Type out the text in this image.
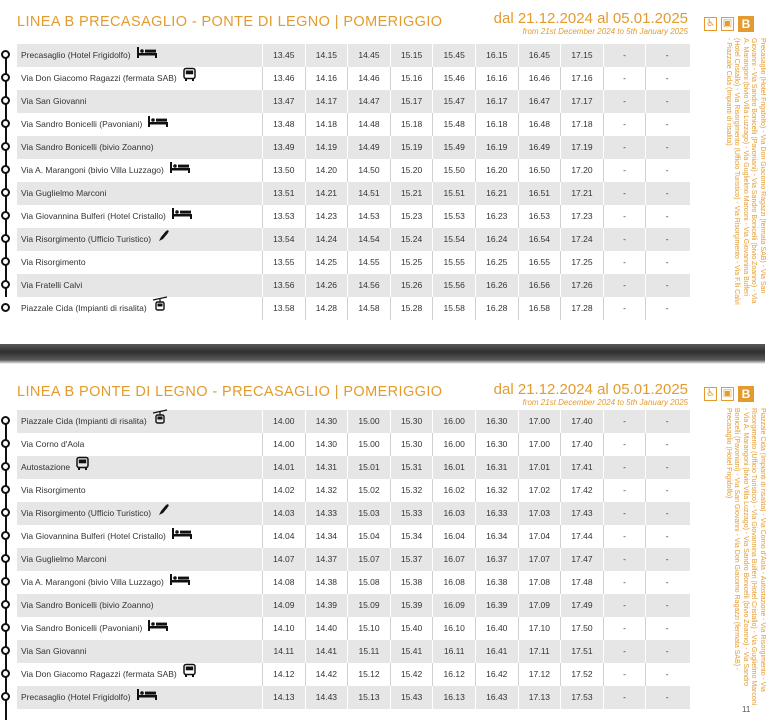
LINEA B PRECASAGLIO - PONTE DI LEGNO | POMERIGGIO	dal 21.12.2024 al 05.01.2025
from 21st December 2024 to 5th January 2025
Precasaglio (Hotel Frigidolfo)	13.45	14.15	14.45	15.15	15.45	16.15	16.45	17.15	-	-
Via Don Giacomo Ragazzi (fermata SAB)	13.46	14.16	14.46	15.16	15.46	16.16	16.46	17.16	-	-
Via San Giovanni	13.47	14.17	14.47	15.17	15.47	16.17	16.47	17.17	-	-
Via Sandro Bonicelli (Pavoniani)	13.48	14.18	14.48	15.18	15.48	16.18	16.48	17.18	-	-
Via Sandro Bonicelli (bivio Zoanno)	13.49	14.19	14.49	15.19	15.49	16.19	16.49	17.19	-	-
Via A. Marangoni (bivio Villa Luzzago)	13.50	14.20	14.50	15.20	15.50	16.20	16.50	17.20	-	-
Via Guglielmo Marconi	13.51	14.21	14.51	15.21	15.51	16.21	16.51	17.21	-	-
Via Giovannina Bulferi (Hotel Cristallo)	13.53	14.23	14.53	15.23	15.53	16.23	16.53	17.23	-	-
Via Risorgimento (Ufficio Turistico)	13.54	14.24	14.54	15.24	15.54	16.24	16.54	17.24	-	-
Via Risorgimento	13.55	14.25	14.55	15.25	15.55	16.25	16.55	17.25	-	-
Via Fratelli Calvi	13.56	14.26	14.56	15.26	15.56	16.26	16.56	17.26	-	-
Piazzale Cida (Impianti di risalita)	13.58	14.28	14.58	15.28	15.58	16.28	16.58	17.28	-	-
♿ ▣ B
Precasaglio (Hotel Frigidolfo) - Via Don Giacomo Ragazzi (fermata SAB) - Via San Giovanni - Via Sandro Bonicelli (Pavoniani) - Via Sandro Bonicelli (bivio Zoanno) - Via A. Marangoni (bivio Villa Luzzago) - Via Guglielmo Marconi - Via Giovannina Bulferi (Hotel Cristallo) - Via Risorgimento (Ufficio Turistico) - Via Risorgimento - Via F.lli Calvi - Piazzale Cida (Impianti di risalita)
LINEA B PONTE DI LEGNO - PRECASAGLIO | POMERIGGIO	dal 21.12.2024 al 05.01.2025
from 21st December 2024 to 5th January 2025
Piazzale Cida (Impianti di risalita)	14.00	14.30	15.00	15.30	16.00	16.30	17.00	17.40	-	-
Via Corno d'Aola	14.00	14.30	15.00	15.30	16.00	16.30	17.00	17.40	-	-
Autostazione	14.01	14.31	15.01	15.31	16.01	16.31	17.01	17.41	-	-
Via Risorgimento	14.02	14.32	15.02	15.32	16.02	16.32	17.02	17.42	-	-
Via Risorgimento (Ufficio Turistico)	14.03	14.33	15.03	15.33	16.03	16.33	17.03	17.43	-	-
Via Giovannina Bulferi (Hotel Cristallo)	14.04	14.34	15.04	15.34	16.04	16.34	17.04	17.44	-	-
Via Guglielmo Marconi	14.07	14.37	15.07	15.37	16.07	16.37	17.07	17.47	-	-
Via A. Marangoni (bivio Villa Luzzago)	14.08	14.38	15.08	15.38	16.08	16.38	17.08	17.48	-	-
Via Sandro Bonicelli (bivio Zoanno)	14.09	14.39	15.09	15.39	16.09	16.39	17.09	17.49	-	-
Via Sandro Bonicelli (Pavoniani)	14.10	14.40	15.10	15.40	16.10	16.40	17.10	17.50	-	-
Via San Giovanni	14.11	14.41	15.11	15.41	16.11	16.41	17.11	17.51	-	-
Via Don Giacomo Ragazzi (fermata SAB)	14.12	14.42	15.12	15.42	16.12	16.42	17.12	17.52	-	-
Precasaglio (Hotel Frigidolfo)	14.13	14.43	15.13	15.43	16.13	16.43	17.13	17.53	-	-
♿ ▣ B
Piazzale Cida (Impianti di risalita) - Via Corno d'Aola - Autostazione - Via Risorgimento - Via Risorgimento (Ufficio Turistico) - Via Giovannina Bulferi (Hotel Cristallo) - Via Guglielmo Marconi - Via A. Marangoni (bivio Villa Luzzago) - Via Sandro Bonicelli (bivio Zoanno) - Via Sandro Bonicelli (Pavoniani) - Via San Giovanni - Via Don Giacomo Ragazzi (fermata SAB) - Precasaglio (Hotel Frigidolfo)
11
